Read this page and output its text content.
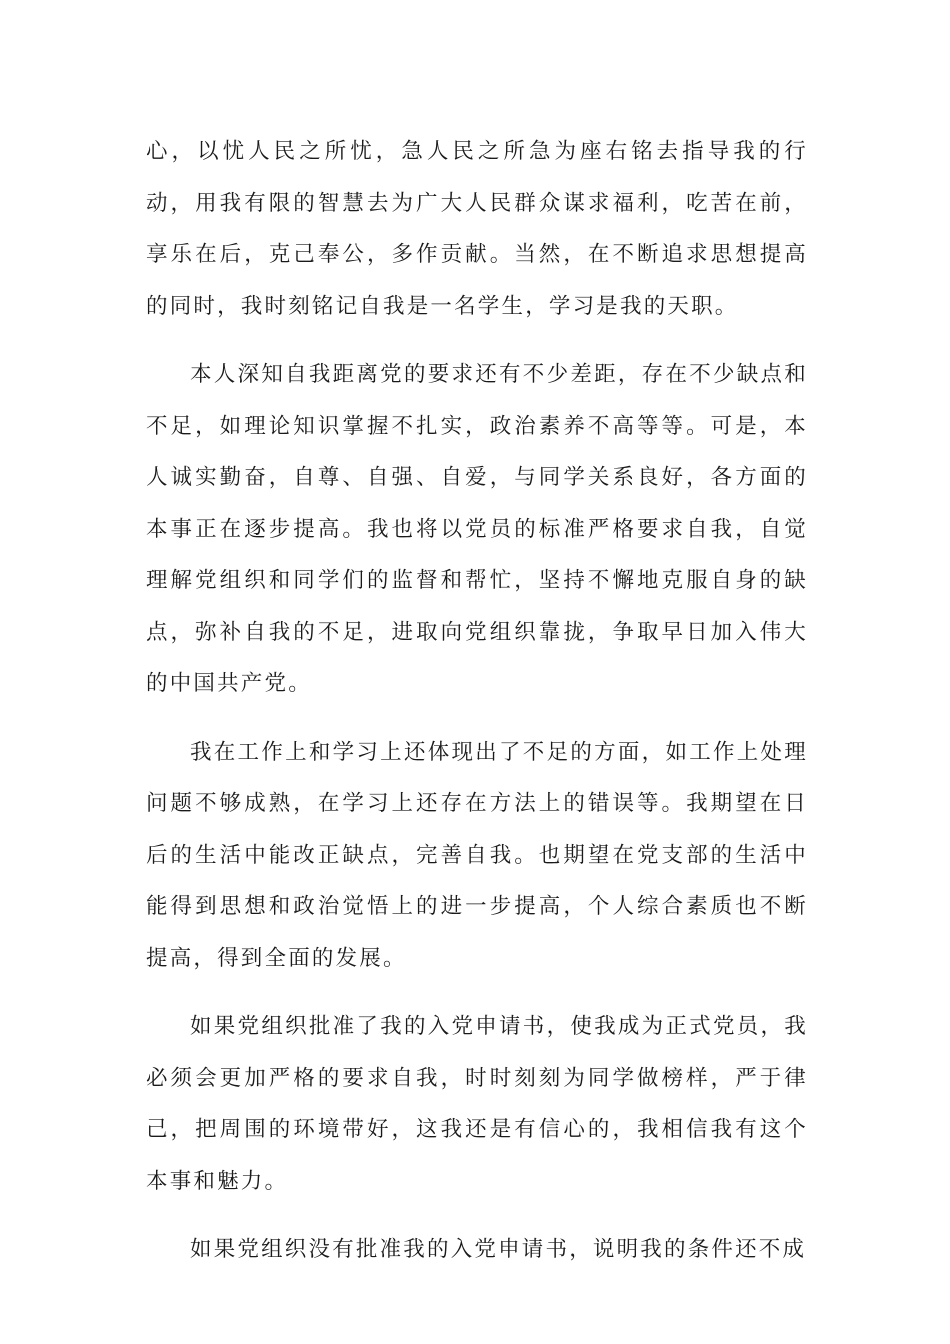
心，以忧人民之所忧，急人民之所急为座右铭去指导我的行动，用我有限的智慧去为广大人民群众谋求福利，吃苦在前，享乐在后，克己奉公，多作贡献。当然，在不断追求思想提高的同时，我时刻铭记自我是一名学生，学习是我的天职。

本人深知自我距离党的要求还有不少差距，存在不少缺点和不足，如理论知识掌握不扎实，政治素养不高等等。可是，本人诚实勤奋，自尊、自强、自爱，与同学关系良好，各方面的本事正在逐步提高。我也将以党员的标准严格要求自我，自觉理解党组织和同学们的监督和帮忙，坚持不懈地克服自身的缺点，弥补自我的不足，进取向党组织靠拢，争取早日加入伟大的中国共产党。

我在工作上和学习上还体现出了不足的方面，如工作上处理问题不够成熟，在学习上还存在方法上的错误等。我期望在日后的生活中能改正缺点，完善自我。也期望在党支部的生活中能得到思想和政治觉悟上的进一步提高，个人综合素质也不断提高，得到全面的发展。

如果党组织批准了我的入党申请书，使我成为正式党员，我必须会更加严格的要求自我，时时刻刻为同学做榜样，严于律己，把周围的环境带好，这我还是有信心的，我相信我有这个本事和魅力。

如果党组织没有批准我的入党申请书，说明我的条件还不成
